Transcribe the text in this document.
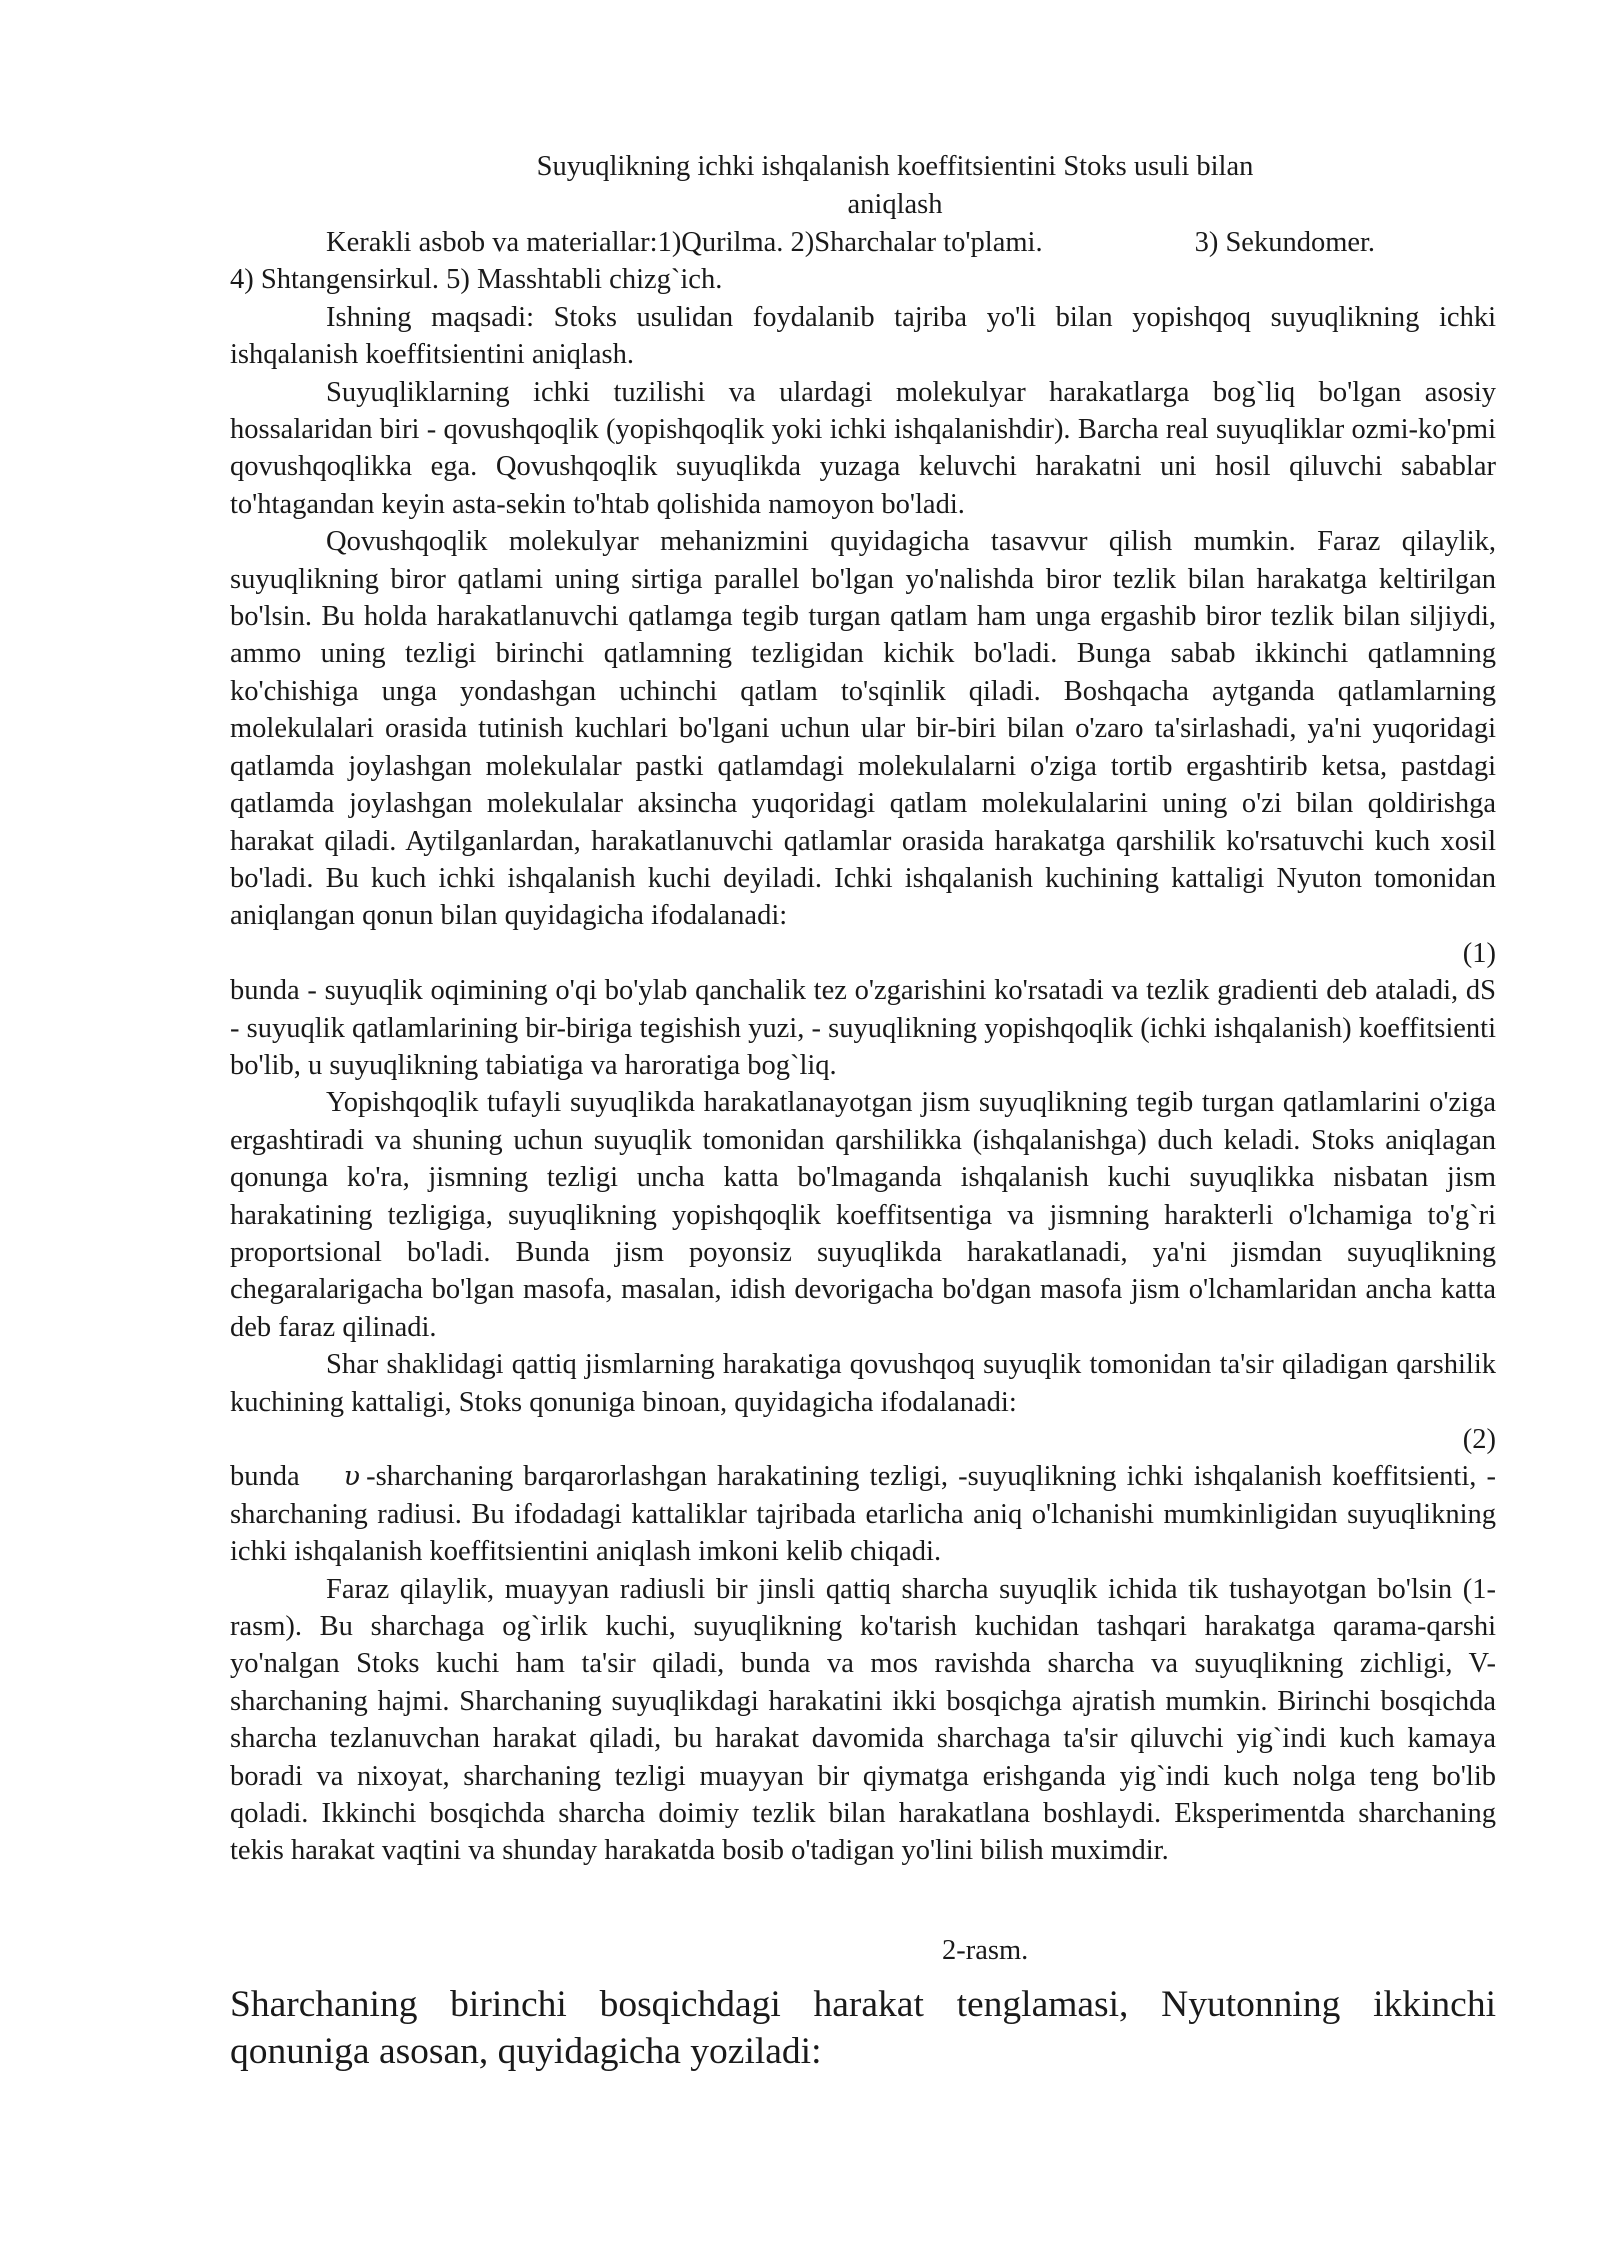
Suyuqlikning ichki ishqalanish koeffitsientini Stoks usuli bilan
aniqlash

Kerakli asbob va materiallar:1)Qurilma. 2)Sharchalar to'plami.	3) Sekundomer.

4) Shtangensirkul. 5) Masshtabli chizg`ich.

Ishning maqsadi: Stoks usulidan foydalanib tajriba yo'li bilan yopishqoq suyuqlikning ichki ishqalanish koeffitsientini aniqlash.

Suyuqliklarning ichki tuzilishi va ulardagi molekulyar harakatlarga bog`liq bo'lgan asosiy hossalaridan biri - qovushqoqlik (yopishqoqlik yoki ichki ishqalanishdir). Barcha real suyuqliklar ozmi-ko'pmi qovushqoqlikka ega. Qovushqoqlik suyuqlikda yuzaga keluvchi harakatni uni hosil qiluvchi sabablar to'htagandan keyin asta-sekin to'htab qolishida namoyon bo'ladi.

Qovushqoqlik molekulyar mehanizmini quyidagicha tasavvur qilish mumkin. Faraz qilaylik, suyuqlikning biror qatlami uning sirtiga parallel bo'lgan yo'nalishda biror tezlik bilan harakatga keltirilgan bo'lsin. Bu holda harakatlanuvchi qatlamga tegib turgan qatlam ham unga ergashib biror tezlik bilan siljiydi, ammo uning tezligi birinchi qatlamning tezligidan kichik bo'ladi. Bunga sabab ikkinchi qatlamning ko'chishiga unga yondashgan uchinchi qatlam to'sqinlik qiladi. Boshqacha aytganda qatlamlarning molekulalari orasida tutinish kuchlari bo'lgani uchun ular bir-biri bilan o'zaro ta'sirlashadi, ya'ni yuqoridagi qatlamda joylashgan molekulalar pastki qatlamdagi molekulalarni o'ziga tortib ergashtirib ketsa, pastdagi qatlamda joylashgan molekulalar aksincha yuqoridagi qatlam molekulalarini uning o'zi bilan qoldirishga harakat qiladi. Aytilganlardan, harakatlanuvchi qatlamlar orasida harakatga qarshilik ko'rsatuvchi kuch xosil bo'ladi. Bu kuch ichki ishqalanish kuchi deyiladi. Ichki ishqalanish kuchining kattaligi Nyuton tomonidan aniqlangan qonun bilan quyidagicha ifodalanadi:

(1)

bunda - suyuqlik oqimining o'qi bo'ylab qanchalik tez o'zgarishini ko'rsatadi va tezlik gradienti deb ataladi, dS - suyuqlik qatlamlarining bir-biriga tegishish yuzi, - suyuqlikning yopishqoqlik (ichki ishqalanish) koeffitsienti bo'lib, u suyuqlikning tabiatiga va haroratiga bog`liq.

Yopishqoqlik tufayli suyuqlikda harakatlanayotgan jism suyuqlikning tegib turgan qatlamlarini o'ziga ergashtiradi va shuning uchun suyuqlik tomonidan qarshilikka (ishqalanishga) duch keladi. Stoks aniqlagan qonunga ko'ra, jismning tezligi uncha katta bo'lmaganda ishqalanish kuchi suyuqlikka nisbatan jism harakatining tezligiga, suyuqlikning yopishqoqlik koeffitsentiga va jismning harakterli o'lchamiga to'g`ri proportsional bo'ladi. Bunda jism poyonsiz suyuqlikda harakatlanadi, ya'ni jismdan suyuqlikning chegaralarigacha bo'lgan masofa, masalan, idish devorigacha bo'dgan masofa jism o'lchamlaridan ancha katta deb faraz qilinadi.

Shar shaklidagi qattiq jismlarning harakatiga qovushqoq suyuqlik tomonidan ta'sir qiladigan qarshilik kuchining kattaligi, Stoks qonuniga binoan, quyidagicha ifodalanadi:

(2)

bunda υ -sharchaning barqarorlashgan harakatining tezligi, -suyuqlikning ichki ishqalanish koeffitsienti, -sharchaning radiusi. Bu ifodadagi kattaliklar tajribada etarlicha aniq o'lchanishi mumkinligidan suyuqlikning ichki ishqalanish koeffitsientini aniqlash imkoni kelib chiqadi.

Faraz qilaylik, muayyan radiusli bir jinsli qattiq sharcha suyuqlik ichida tik tushayotgan bo'lsin (1-rasm). Bu sharchaga og`irlik kuchi, suyuqlikning ko'tarish kuchidan tashqari harakatga qarama-qarshi yo'nalgan Stoks kuchi ham ta'sir qiladi, bunda va mos ravishda sharcha va suyuqlikning zichligi, V-sharchaning hajmi. Sharchaning suyuqlikdagi harakatini ikki bosqichga ajratish mumkin. Birinchi bosqichda sharcha tezlanuvchan harakat qiladi, bu harakat davomida sharchaga ta'sir qiluvchi yig`indi kuch kamaya boradi va nixoyat, sharchaning tezligi muayyan bir qiymatga erishganda yig`indi kuch nolga teng bo'lib qoladi. Ikkinchi bosqichda sharcha doimiy tezlik bilan harakatlana boshlaydi. Eksperimentda sharchaning tekis harakat vaqtini va shunday harakatda bosib o'tadigan yo'lini bilish muximdir.

2-rasm.

Sharchaning birinchi bosqichdagi harakat tenglamasi, Nyutonning ikkinchi qonuniga asosan, quyidagicha yoziladi:
